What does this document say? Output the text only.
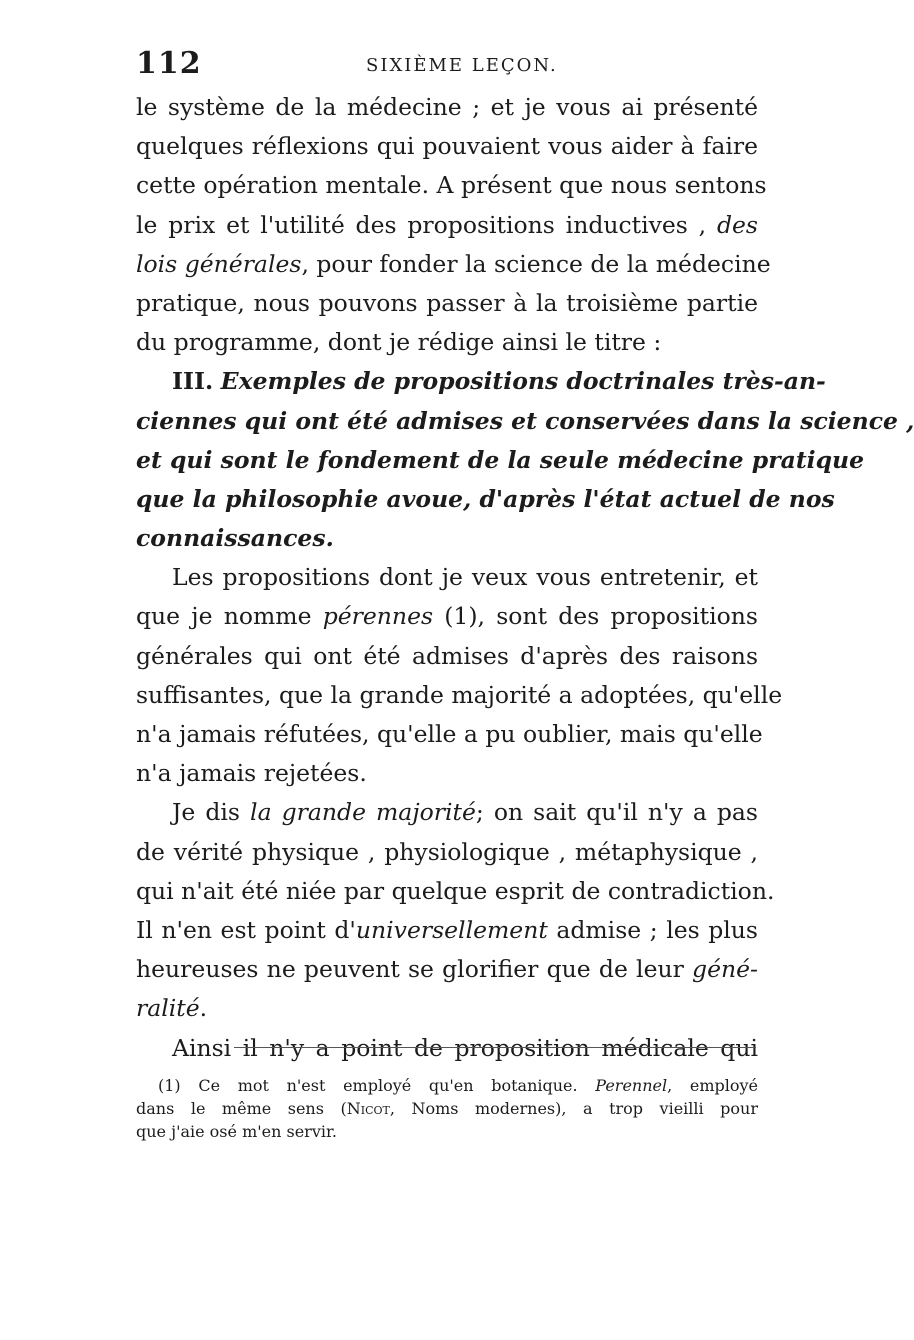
112	SIXIÈME LEÇON.
le système de la médecine ; et je vous ai présenté
quelques réflexions qui pouvaient vous aider à faire
cette opération mentale. A présent que nous sentons
le prix et l'utilité des propositions inductives , des
lois générales, pour fonder la science de la médecine
pratique, nous pouvons passer à la troisième partie
du programme, dont je rédige ainsi le titre :
III. Exemples de propositions doctrinales très-an-
ciennes qui ont été admises et conservées dans la science ,
et qui sont le fondement de la seule médecine pratique
que la philosophie avoue, d'après l'état actuel de nos
connaissances.
Les propositions dont je veux vous entretenir, et
que je nomme pérennes (1), sont des propositions
générales qui ont été admises d'après des raisons
suffisantes, que la grande majorité a adoptées, qu'elle
n'a jamais réfutées, qu'elle a pu oublier, mais qu'elle
n'a jamais rejetées.
Je dis la grande majorité; on sait qu'il n'y a pas
de vérité physique , physiologique , métaphysique ,
qui n'ait été niée par quelque esprit de contradiction.
Il n'en est point d'universellement admise ; les plus
heureuses ne peuvent se glorifier que de leur géné-
ralité.
Ainsi il n'y a point de proposition médicale qui
(1) Ce mot n'est employé qu'en botanique. Perennel, employé
dans le même sens (Nicot, Noms modernes), a trop vieilli pour
que j'aie osé m'en servir.
